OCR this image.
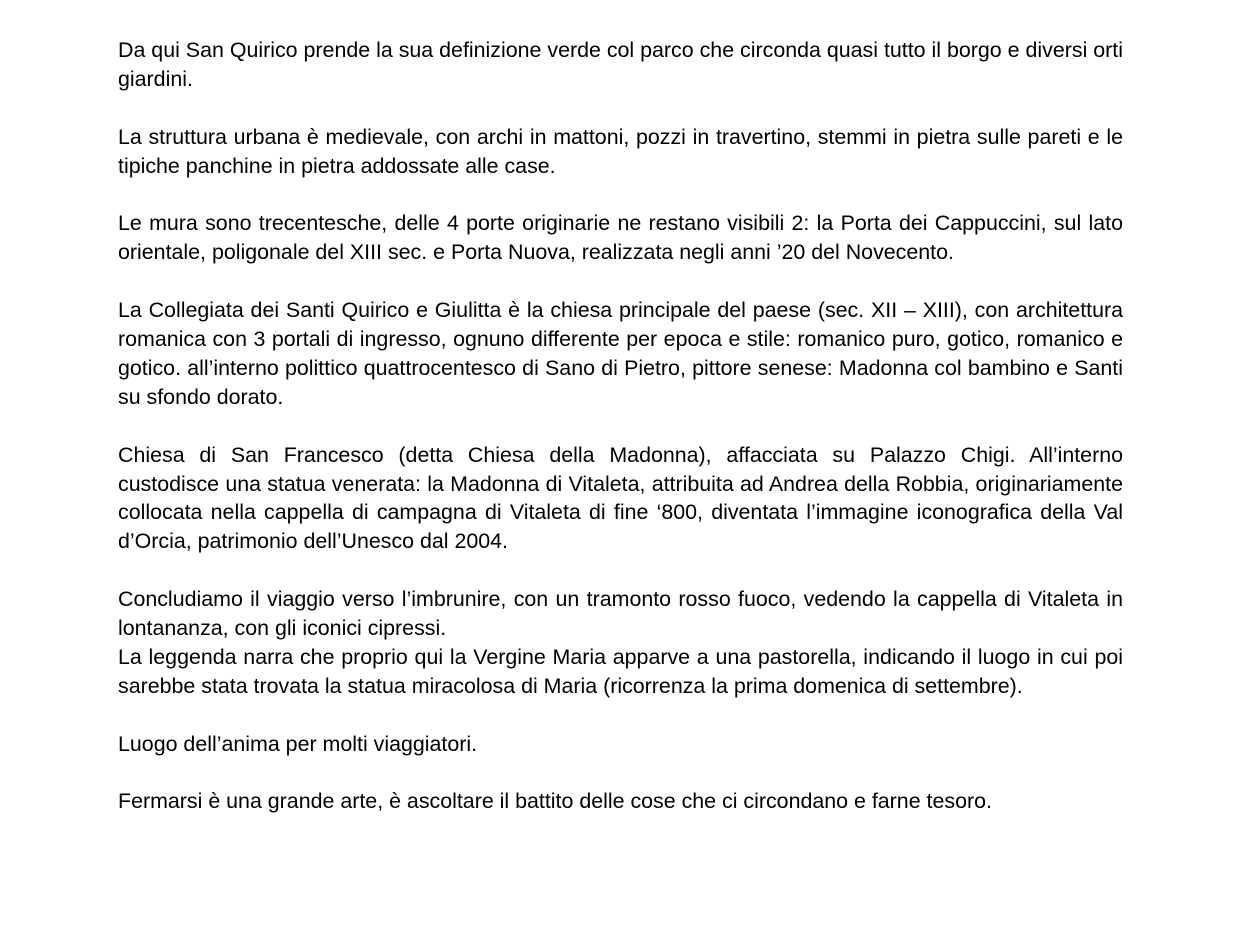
Da qui San Quirico prende la sua definizione verde col parco che circonda quasi tutto il borgo e diversi orti giardini.

La struttura urbana è medievale, con archi in mattoni, pozzi in travertino, stemmi in pietra sulle pareti e le tipiche panchine in pietra addossate alle case.

Le mura sono trecentesche, delle 4 porte originarie ne restano visibili 2: la Porta dei Cappuccini, sul lato orientale, poligonale del XIII sec. e Porta Nuova, realizzata negli anni ’20 del Novecento.

La Collegiata dei Santi Quirico e Giulitta è la chiesa principale del paese (sec. XII – XIII), con architettura romanica con 3 portali di ingresso, ognuno differente per epoca e stile: romanico puro, gotico, romanico e gotico. all’interno polittico quattrocentesco di Sano di Pietro, pittore senese: Madonna col bambino e Santi su sfondo dorato.

Chiesa di San Francesco (detta Chiesa della Madonna), affacciata su Palazzo Chigi. All’interno custodisce una statua venerata: la Madonna di Vitaleta, attribuita ad Andrea della Robbia, originariamente collocata nella cappella di campagna di Vitaleta di fine ‘800, diventata l’immagine iconografica della Val d’Orcia, patrimonio dell’Unesco dal 2004.

Concludiamo il viaggio verso l’imbrunire, con un tramonto rosso fuoco, vedendo la cappella di Vitaleta in lontananza, con gli iconici cipressi.

La leggenda narra che proprio qui la Vergine Maria apparve a una pastorella, indicando il luogo in cui poi sarebbe stata trovata la statua miracolosa di Maria (ricorrenza la prima domenica di settembre).

Luogo dell’anima per molti viaggiatori.

Fermarsi è una grande arte, è ascoltare il battito delle cose che ci circondano e farne tesoro.
